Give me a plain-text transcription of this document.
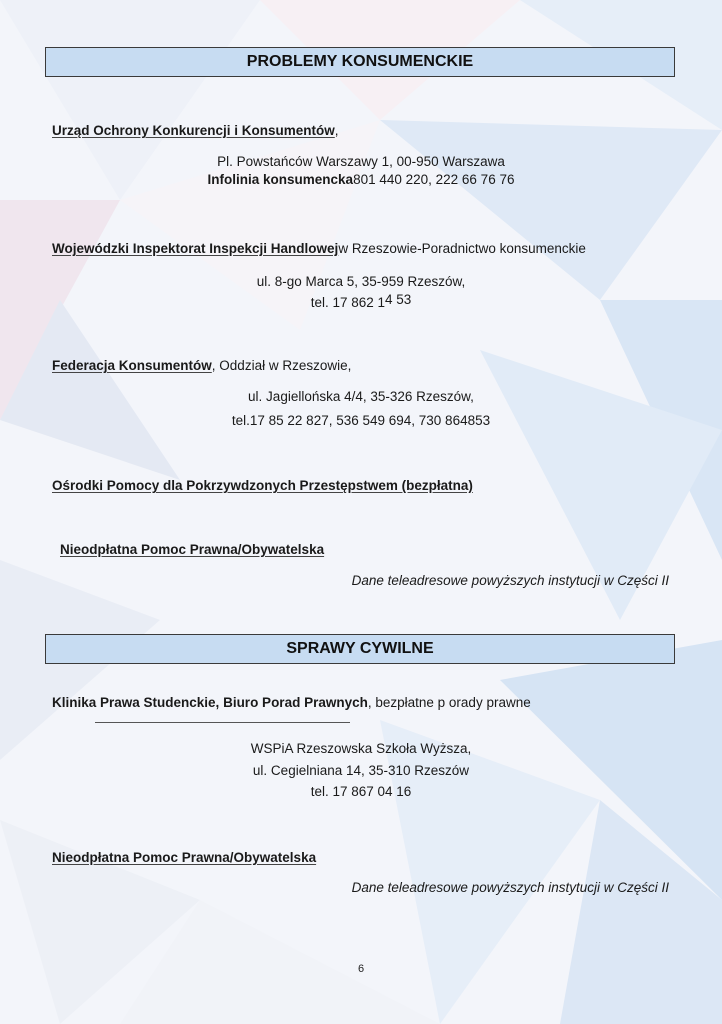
PROBLEMY KONSUMENCKIE
Urząd Ochrony Konkurencji i Konsumentów,
Pl. Powstańców Warszawy 1, 00-950 Warszawa
Infolinia konsumencka801 440 220, 222 66 76 76
Wojewódzki Inspektorat Inspekcji Handlowejw Rzeszowie-Poradnictwo konsumenckie
ul. 8-go Marca 5, 35-959 Rzeszów,
tel. 17 862 14 53
Federacja Konsumentów, Oddział w Rzeszowie,
ul. Jagiellońska 4/4, 35-326 Rzeszów,
tel.17 85 22 827, 536 549 694, 730 864853
Ośrodki Pomocy dla Pokrzywdzonych Przestępstwem (bezpłatna)
Nieodpłatna Pomoc Prawna/Obywatelska
Dane teleadresowe powyższych instytucji w Części II
SPRAWY CYWILNE
Klinika Prawa Studenckie, Biuro Porad Prawnych, bezpłatne p orady prawne
WSPiA Rzeszowska Szkoła Wyższa,
ul. Cegielniana 14, 35-310 Rzeszów
tel. 17 867 04 16
Nieodpłatna Pomoc Prawna/Obywatelska
Dane teleadresowe powyższych instytucji w Części II
6
